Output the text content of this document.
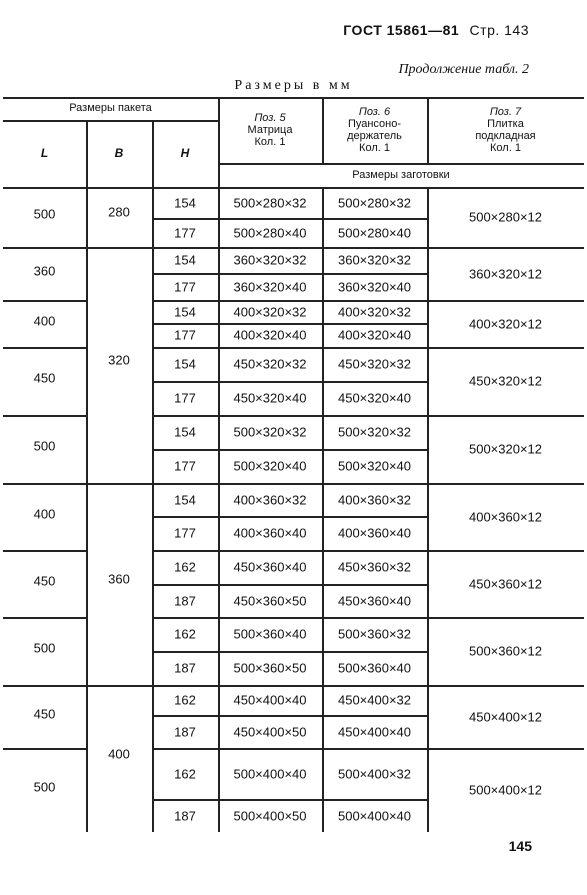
ГОСТ 15861—81 Стр. 143
Продолжение табл. 2
Размеры в мм
Размеры пакета
L	B	H
Поз. 5
Матрица
Кол. 1
Поз. 6
Пуансоно-
держатель
Кол. 1
Поз. 7
Плитка
подкладная
Кол. 1
Размеры заготовки
500
154
177
500×280×32
500×280×40
500×280×32
500×280×40
500×280×12
360
154
177
360×320×32
360×320×40
360×320×32
360×320×40
360×320×12
400
154
177
400×320×32
400×320×40
400×320×32
400×320×40
400×320×12
450
154
177
450×320×32
450×320×40
450×320×32
450×320×40
450×320×12
500
154
177
500×320×32
500×320×40
500×320×32
500×320×40
500×320×12
400
154
177
400×360×32
400×360×40
400×360×32
400×360×40
400×360×12
450
162
187
450×360×40
450×360×50
450×360×32
450×360×40
450×360×12
500
162
187
500×360×40
500×360×50
500×360×32
500×360×40
500×360×12
450
162
187
450×400×40
450×400×50
450×400×32
450×400×40
450×400×12
500
162
187
500×400×40
500×400×50
500×400×32
500×400×40
500×400×12
280
320
360
400
145
